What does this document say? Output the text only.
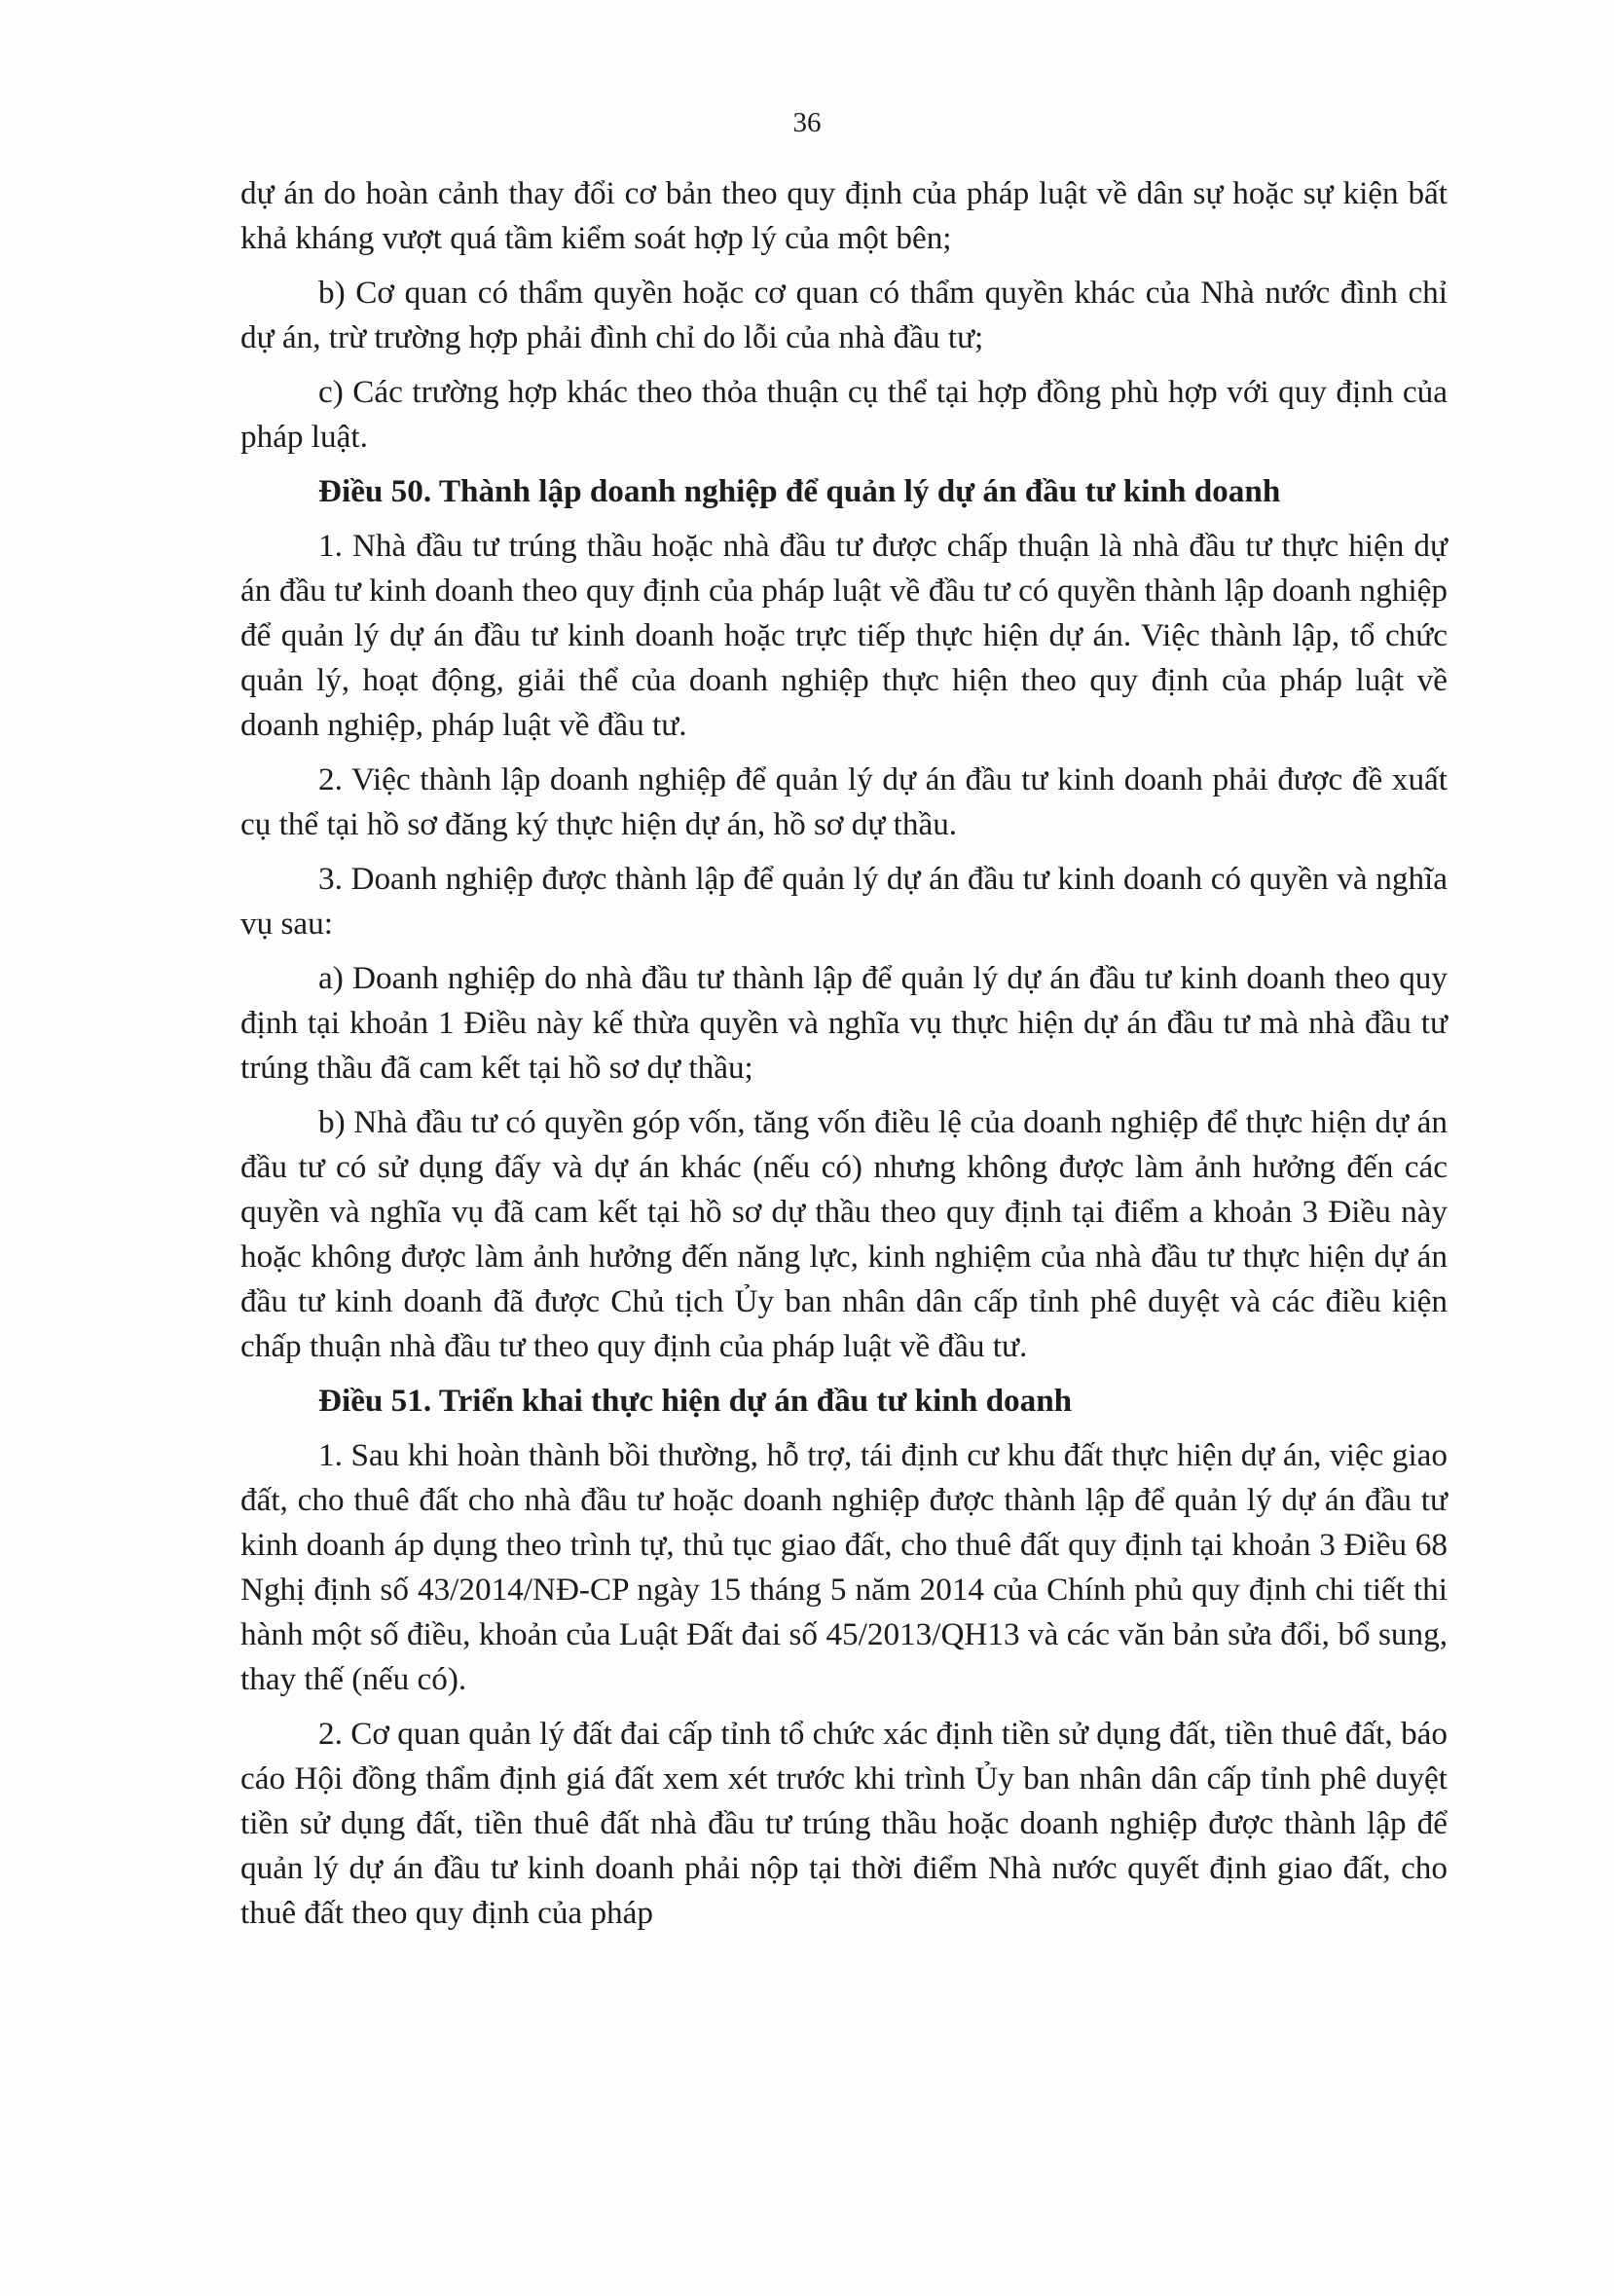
36

dự án do hoàn cảnh thay đổi cơ bản theo quy định của pháp luật về dân sự hoặc sự kiện bất khả kháng vượt quá tầm kiểm soát hợp lý của một bên;

b) Cơ quan có thẩm quyền hoặc cơ quan có thẩm quyền khác của Nhà nước đình chỉ dự án, trừ trường hợp phải đình chỉ do lỗi của nhà đầu tư;

c) Các trường hợp khác theo thỏa thuận cụ thể tại hợp đồng phù hợp với quy định của pháp luật.

Điều 50. Thành lập doanh nghiệp để quản lý dự án đầu tư kinh doanh

1. Nhà đầu tư trúng thầu hoặc nhà đầu tư được chấp thuận là nhà đầu tư thực hiện dự án đầu tư kinh doanh theo quy định của pháp luật về đầu tư có quyền thành lập doanh nghiệp để quản lý dự án đầu tư kinh doanh hoặc trực tiếp thực hiện dự án. Việc thành lập, tổ chức quản lý, hoạt động, giải thể của doanh nghiệp thực hiện theo quy định của pháp luật về doanh nghiệp, pháp luật về đầu tư.

2. Việc thành lập doanh nghiệp để quản lý dự án đầu tư kinh doanh phải được đề xuất cụ thể tại hồ sơ đăng ký thực hiện dự án, hồ sơ dự thầu.

3. Doanh nghiệp được thành lập để quản lý dự án đầu tư kinh doanh có quyền và nghĩa vụ sau:

a) Doanh nghiệp do nhà đầu tư thành lập để quản lý dự án đầu tư kinh doanh theo quy định tại khoản 1 Điều này kế thừa quyền và nghĩa vụ thực hiện dự án đầu tư mà nhà đầu tư trúng thầu đã cam kết tại hồ sơ dự thầu;

b) Nhà đầu tư có quyền góp vốn, tăng vốn điều lệ của doanh nghiệp để thực hiện dự án đầu tư có sử dụng đấy và dự án khác (nếu có) nhưng không được làm ảnh hưởng đến các quyền và nghĩa vụ đã cam kết tại hồ sơ dự thầu theo quy định tại điểm a khoản 3 Điều này hoặc không được làm ảnh hưởng đến năng lực, kinh nghiệm của nhà đầu tư thực hiện dự án đầu tư kinh doanh đã được Chủ tịch Ủy ban nhân dân cấp tỉnh phê duyệt và các điều kiện chấp thuận nhà đầu tư theo quy định của pháp luật về đầu tư.

Điều 51. Triển khai thực hiện dự án đầu tư kinh doanh

1. Sau khi hoàn thành bồi thường, hỗ trợ, tái định cư khu đất thực hiện dự án, việc giao đất, cho thuê đất cho nhà đầu tư hoặc doanh nghiệp được thành lập để quản lý dự án đầu tư kinh doanh áp dụng theo trình tự, thủ tục giao đất, cho thuê đất quy định tại khoản 3 Điều 68 Nghị định số 43/2014/NĐ-CP ngày 15 tháng 5 năm 2014 của Chính phủ quy định chi tiết thi hành một số điều, khoản của Luật Đất đai số 45/2013/QH13 và các văn bản sửa đổi, bổ sung, thay thế (nếu có).

2. Cơ quan quản lý đất đai cấp tỉnh tổ chức xác định tiền sử dụng đất, tiền thuê đất, báo cáo Hội đồng thẩm định giá đất xem xét trước khi trình Ủy ban nhân dân cấp tỉnh phê duyệt tiền sử dụng đất, tiền thuê đất nhà đầu tư trúng thầu hoặc doanh nghiệp được thành lập để quản lý dự án đầu tư kinh doanh phải nộp tại thời điểm Nhà nước quyết định giao đất, cho thuê đất theo quy định của pháp
